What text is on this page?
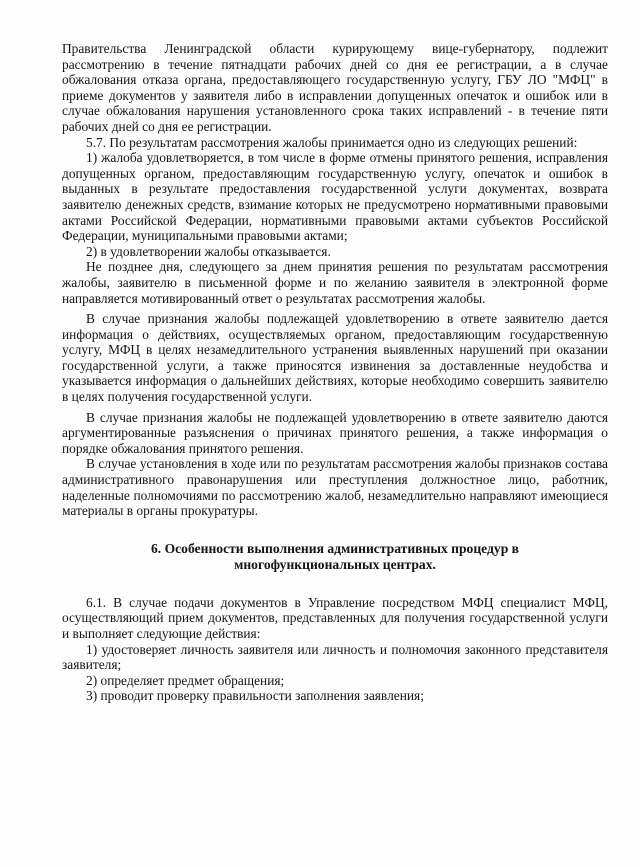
Правительства Ленинградской области курирующему вице-губернатору, подлежит рассмотрению в течение пятнадцати рабочих дней со дня ее регистрации, а в случае обжалования отказа органа, предоставляющего государственную услугу, ГБУ ЛО "МФЦ" в приеме документов у заявителя либо в исправлении допущенных опечаток и ошибок или в случае обжалования нарушения установленного срока таких исправлений - в течение пяти рабочих дней со дня ее регистрации.

5.7. По результатам рассмотрения жалобы принимается одно из следующих решений:

1) жалоба удовлетворяется, в том числе в форме отмены принятого решения, исправления допущенных органом, предоставляющим государственную услугу, опечаток и ошибок в выданных в результате предоставления государственной услуги документах, возврата заявителю денежных средств, взимание которых не предусмотрено нормативными правовыми актами Российской Федерации, нормативными правовыми актами субъектов Российской Федерации, муниципальными правовыми актами;

2) в удовлетворении жалобы отказывается.

Не позднее дня, следующего за днем принятия решения по результатам рассмотрения жалобы, заявителю в письменной форме и по желанию заявителя в электронной форме направляется мотивированный ответ о результатах рассмотрения жалобы.

В случае признания жалобы подлежащей удовлетворению в ответе заявителю дается информация о действиях, осуществляемых органом, предоставляющим государственную услугу, МФЦ в целях незамедлительного устранения выявленных нарушений при оказании государственной услуги, а также приносятся извинения за доставленные неудобства и указывается информация о дальнейших действиях, которые необходимо совершить заявителю в целях получения государственной услуги.

В случае признания жалобы не подлежащей удовлетворению в ответе заявителю даются аргументированные разъяснения о причинах принятого решения, а также информация о порядке обжалования принятого решения.

В случае установления в ходе или по результатам рассмотрения жалобы признаков состава административного правонарушения или преступления должностное лицо, работник, наделенные полномочиями по рассмотрению жалоб, незамедлительно направляют имеющиеся материалы в органы прокуратуры.

6. Особенности выполнения административных процедур в многофункциональных центрах.

6.1. В случае подачи документов в Управление посредством МФЦ специалист МФЦ, осуществляющий прием документов, представленных для получения государственной услуги и выполняет следующие действия:

1) удостоверяет личность заявителя или личность и полномочия законного представителя заявителя;

2) определяет предмет обращения;

3) проводит проверку правильности заполнения заявления;
